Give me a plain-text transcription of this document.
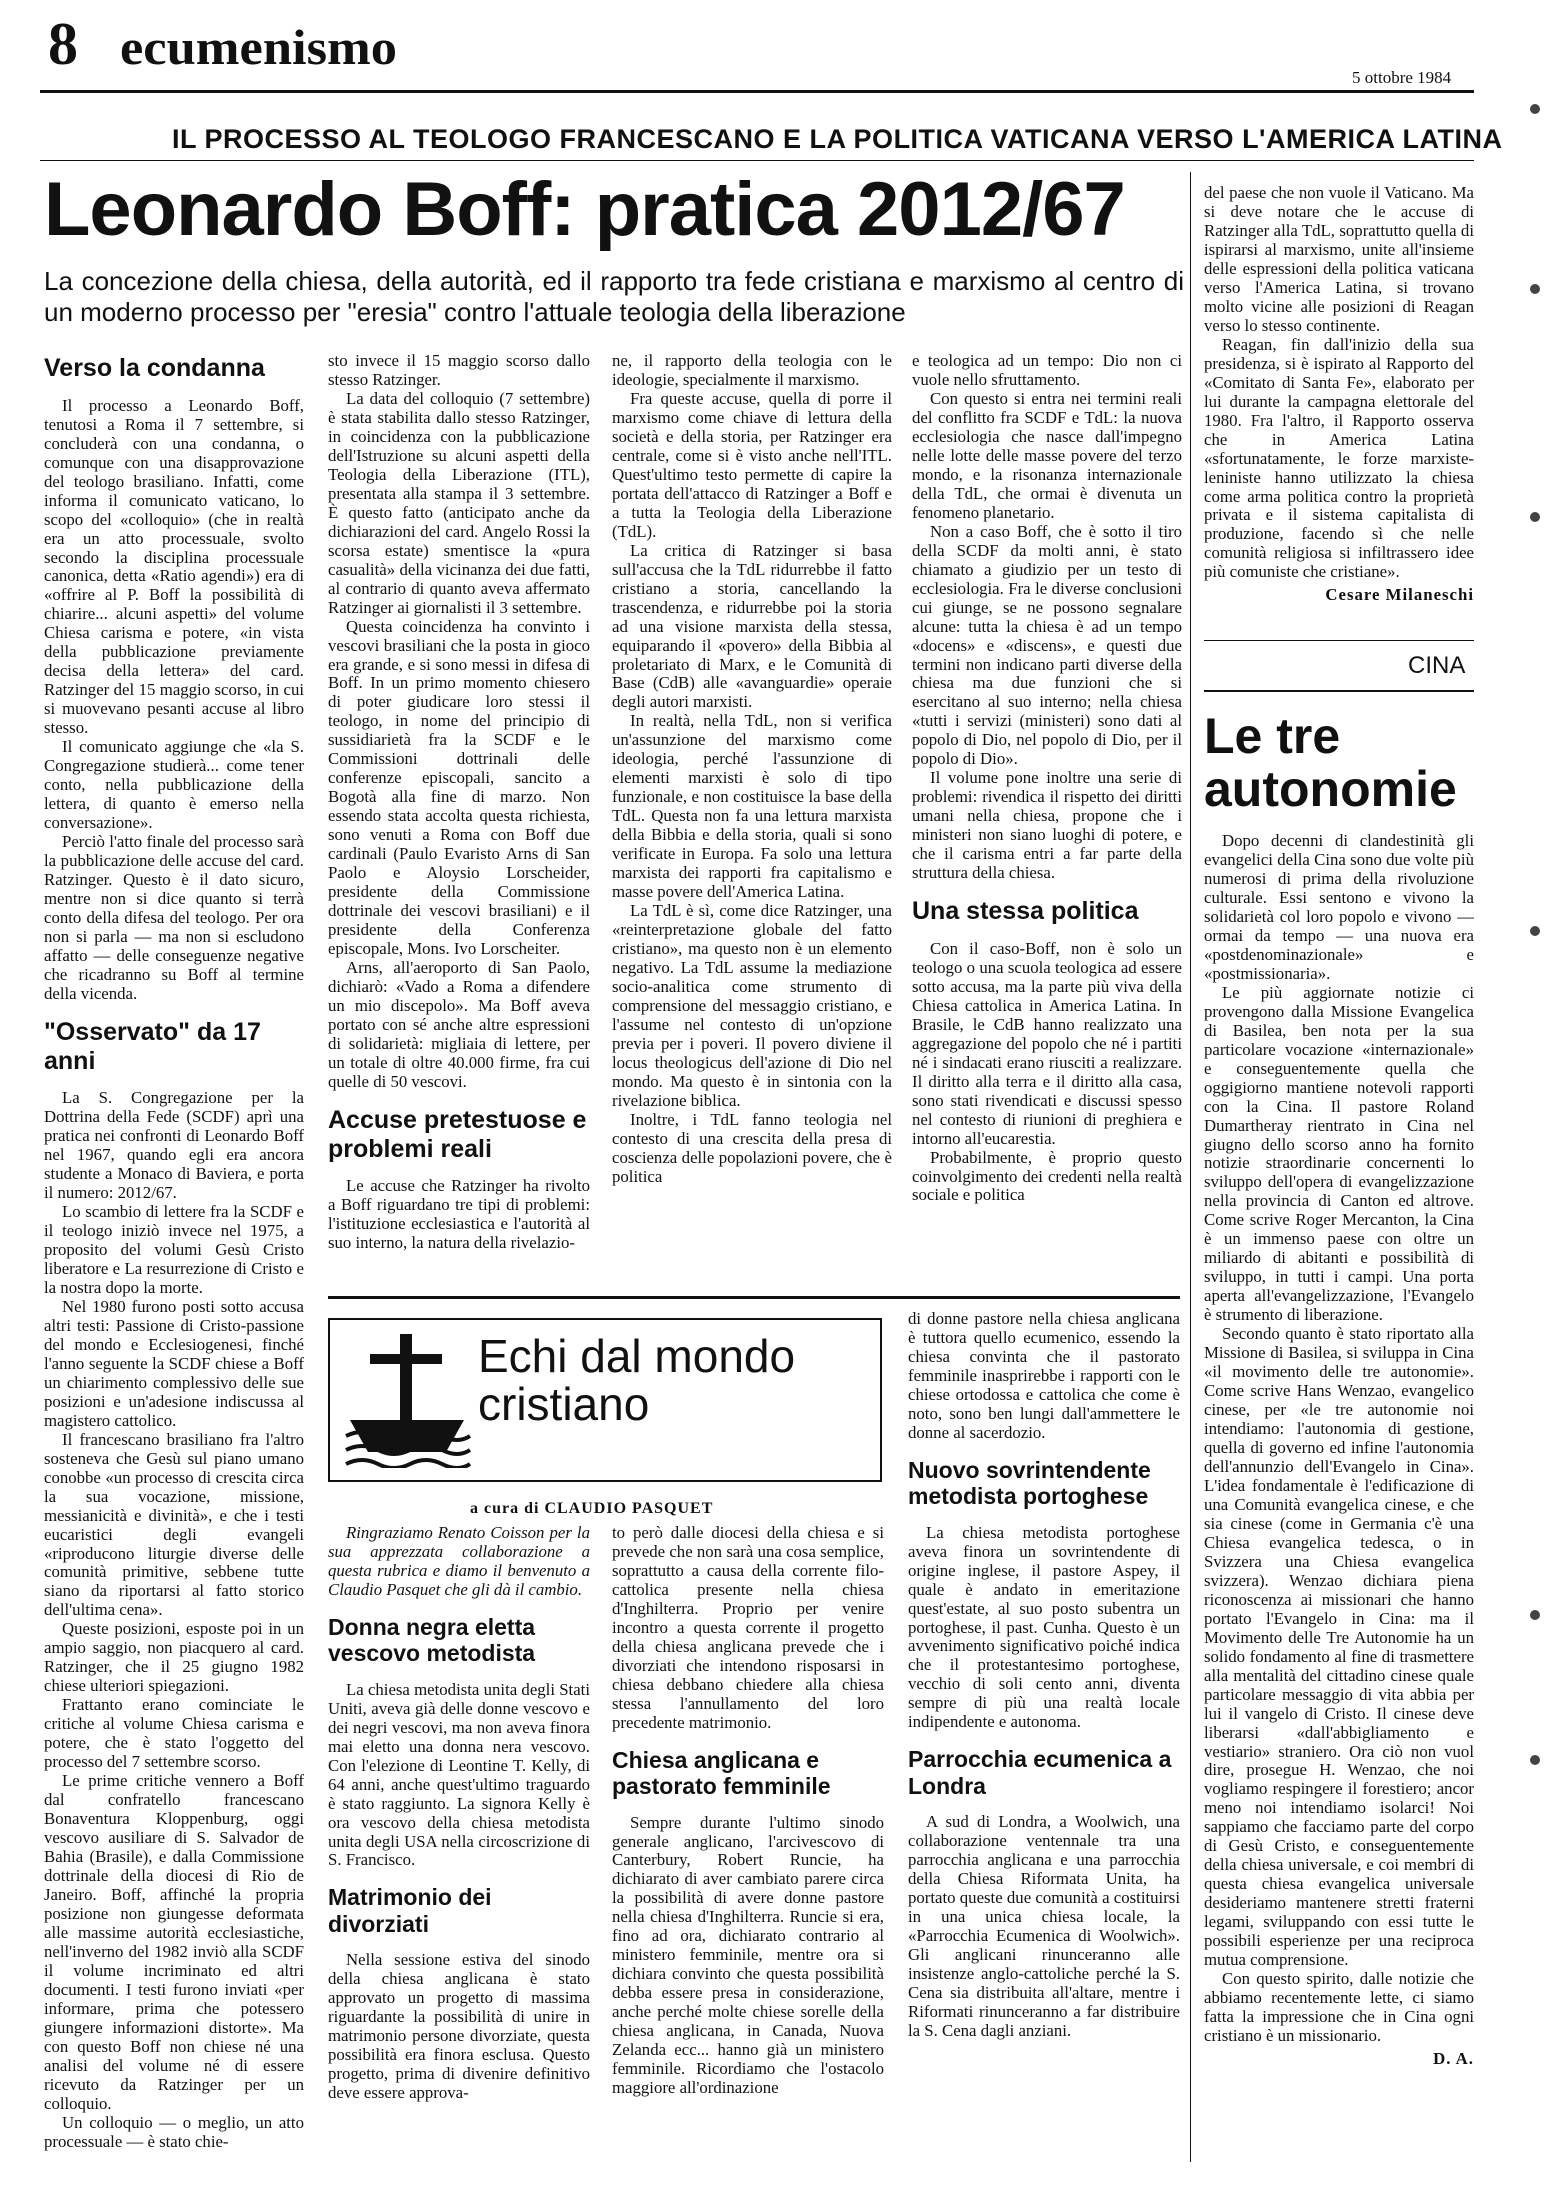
8 ecumenismo
5 ottobre 1984
IL PROCESSO AL TEOLOGO FRANCESCANO E LA POLITICA VATICANA VERSO L'AMERICA LATINA
Leonardo Boff: pratica 2012/67
La concezione della chiesa, della autorità, ed il rapporto tra fede cristiana e marxismo al centro di un moderno processo per "eresia" contro l'attuale teologia della liberazione
Verso la condanna

Il processo a Leonardo Boff, tenutosi a Roma il 7 settembre, si concluderà con una condanna, o comunque con una disapprovazione del teologo brasiliano. Infatti, come informa il comunicato vaticano, lo scopo del «colloquio» (che in realtà era un atto processuale, svolto secondo la disciplina processuale canonica, detta «Ratio agendi») era di «offrire al P. Boff la possibilità di chiarire... alcuni aspetti» del volume Chiesa carisma e potere, «in vista della pubblicazione previamente decisa della lettera» del card. Ratzinger del 15 maggio scorso, in cui si muovevano pesanti accuse al libro stesso.

Il comunicato aggiunge che «la S. Congregazione studierà... come tener conto, nella pubblicazione della lettera, di quanto è emerso nella conversazione».

Perciò l'atto finale del processo sarà la pubblicazione delle accuse del card. Ratzinger. Questo è il dato sicuro, mentre non si dice quanto si terrà conto della difesa del teologo. Per ora non si parla — ma non si escludono affatto — delle conseguenze negative che ricadranno su Boff al termine della vicenda.

"Osservato" da 17 anni

La S. Congregazione per la Dottrina della Fede (SCDF) aprì una pratica nei confronti di Leonardo Boff nel 1967, quando egli era ancora studente a Monaco di Baviera, e porta il numero: 2012/67.

Lo scambio di lettere fra la SCDF e il teologo iniziò invece nel 1975, a proposito del volumi Gesù Cristo liberatore e La resurrezione di Cristo e la nostra dopo la morte.

Nel 1980 furono posti sotto accusa altri testi: Passione di Cristo-passione del mondo e Ecclesiogenesi, finché l'anno seguente la SCDF chiese a Boff un chiarimento complessivo delle sue posizioni e un'adesione indiscussa al magistero cattolico.

Il francescano brasiliano fra l'altro sosteneva che Gesù sul piano umano conobbe «un processo di crescita circa la sua vocazione, missione, messianicità e divinità», e che i testi eucaristici degli evangeli «riproducono liturgie diverse delle comunità primitive, sebbene tutte siano da riportarsi al fatto storico dell'ultima cena».

Queste posizioni, esposte poi in un ampio saggio, non piacquero al card. Ratzinger, che il 25 giugno 1982 chiese ulteriori spiegazioni.

Frattanto erano cominciate le critiche al volume Chiesa carisma e potere, che è stato l'oggetto del processo del 7 settembre scorso.

Le prime critiche vennero a Boff dal confratello francescano Bonaventura Kloppenburg, oggi vescovo ausiliare di S. Salvador de Bahia (Brasile), e dalla Commissione dottrinale della diocesi di Rio de Janeiro. Boff, affinché la propria posizione non giungesse deformata alle massime autorità ecclesiastiche, nell'inverno del 1982 inviò alla SCDF il volume incriminato ed altri documenti. I testi furono inviati «per informare, prima che potessero giungere informazioni distorte». Ma con questo Boff non chiese né una analisi del volume né di essere ricevuto da Ratzinger per un colloquio.

Un colloquio — o meglio, un atto processuale — è stato chie-

sto invece il 15 maggio scorso dallo stesso Ratzinger.

La data del colloquio (7 settembre) è stata stabilita dallo stesso Ratzinger, in coincidenza con la pubblicazione dell'Istruzione su alcuni aspetti della Teologia della Liberazione (ITL), presentata alla stampa il 3 settembre. È questo fatto (anticipato anche da dichiarazioni del card. Angelo Rossi la scorsa estate) smentisce la «pura casualità» della vicinanza dei due fatti, al contrario di quanto aveva affermato Ratzinger ai giornalisti il 3 settembre.

Questa coincidenza ha convinto i vescovi brasiliani che la posta in gioco era grande, e si sono messi in difesa di Boff. In un primo momento chiesero di poter giudicare loro stessi il teologo, in nome del principio di sussidiarietà fra la SCDF e le Commissioni dottrinali delle conferenze episcopali, sancito a Bogotà alla fine di marzo. Non essendo stata accolta questa richiesta, sono venuti a Roma con Boff due cardinali (Paulo Evaristo Arns di San Paolo e Aloysio Lorscheider, presidente della Commissione dottrinale dei vescovi brasiliani) e il presidente della Conferenza episcopale, Mons. Ivo Lorscheiter.

Arns, all'aeroporto di San Paolo, dichiarò: «Vado a Roma a difendere un mio discepolo». Ma Boff aveva portato con sé anche altre espressioni di solidarietà: migliaia di lettere, per un totale di oltre 40.000 firme, fra cui quelle di 50 vescovi.

Accuse pretestuose e problemi reali

Le accuse che Ratzinger ha rivolto a Boff riguardano tre tipi di problemi: l'istituzione ecclesiastica e l'autorità al suo interno, la natura della rivelazio-

ne, il rapporto della teologia con le ideologie, specialmente il marxismo.

Fra queste accuse, quella di porre il marxismo come chiave di lettura della società e della storia, per Ratzinger era centrale, come si è visto anche nell'ITL. Quest'ultimo testo permette di capire la portata dell'attacco di Ratzinger a Boff e a tutta la Teologia della Liberazione (TdL).

La critica di Ratzinger si basa sull'accusa che la TdL ridurrebbe il fatto cristiano a storia, cancellando la trascendenza, e ridurrebbe poi la storia ad una visione marxista della stessa, equiparando il «povero» della Bibbia al proletariato di Marx, e le Comunità di Base (CdB) alle «avanguardie» operaie degli autori marxisti.

In realtà, nella TdL, non si verifica un'assunzione del marxismo come ideologia, perché l'assunzione di elementi marxisti è solo di tipo funzionale, e non costituisce la base della TdL. Questa non fa una lettura marxista della Bibbia e della storia, quali si sono verificate in Europa. Fa solo una lettura marxista dei rapporti fra capitalismo e masse povere dell'America Latina.

La TdL è sì, come dice Ratzinger, una «reinterpretazione globale del fatto cristiano», ma questo non è un elemento negativo. La TdL assume la mediazione socio-analitica come strumento di comprensione del messaggio cristiano, e l'assume nel contesto di un'opzione previa per i poveri. Il povero diviene il locus theologicus dell'azione di Dio nel mondo. Ma questo è in sintonia con la rivelazione biblica.

Inoltre, i TdL fanno teologia nel contesto di una crescita della presa di coscienza delle popolazioni povere, che è politica

e teologica ad un tempo: Dio non ci vuole nello sfruttamento.

Con questo si entra nei termini reali del conflitto fra SCDF e TdL: la nuova ecclesiologia che nasce dall'impegno nelle lotte delle masse povere del terzo mondo, e la risonanza internazionale della TdL, che ormai è divenuta un fenomeno planetario.

Non a caso Boff, che è sotto il tiro della SCDF da molti anni, è stato chiamato a giudizio per un testo di ecclesiologia. Fra le diverse conclusioni cui giunge, se ne possono segnalare alcune: tutta la chiesa è ad un tempo «docens» e «discens», e questi due termini non indicano parti diverse della chiesa ma due funzioni che si esercitano al suo interno; nella chiesa «tutti i servizi (ministeri) sono dati al popolo di Dio, nel popolo di Dio, per il popolo di Dio».

Il volume pone inoltre una serie di problemi: rivendica il rispetto dei diritti umani nella chiesa, propone che i ministeri non siano luoghi di potere, e che il carisma entri a far parte della struttura della chiesa.

Una stessa politica

Con il caso-Boff, non è solo un teologo o una scuola teologica ad essere sotto accusa, ma la parte più viva della Chiesa cattolica in America Latina. In Brasile, le CdB hanno realizzato una aggregazione del popolo che né i partiti né i sindacati erano riusciti a realizzare. Il diritto alla terra e il diritto alla casa, sono stati rivendicati e discussi spesso nel contesto di riunioni di preghiera e intorno all'eucarestia.

Probabilmente, è proprio questo coinvolgimento dei credenti nella realtà sociale e politica

del paese che non vuole il Vaticano. Ma si deve notare che le accuse di Ratzinger alla TdL, soprattutto quella di ispirarsi al marxismo, unite all'insieme delle espressioni della politica vaticana verso l'America Latina, si trovano molto vicine alle posizioni di Reagan verso lo stesso continente.

Reagan, fin dall'inizio della sua presidenza, si è ispirato al Rapporto del «Comitato di Santa Fe», elaborato per lui durante la campagna elettorale del 1980. Fra l'altro, il Rapporto osserva che in America Latina «sfortunatamente, le forze marxiste-leniniste hanno utilizzato la chiesa come arma politica contro la proprietà privata e il sistema capitalista di produzione, facendo sì che nelle comunità religiosa si infiltrassero idee più comuniste che cristiane».

Cesare Milaneschi
CINA
Le tre
autonomie

Dopo decenni di clandestinità gli evangelici della Cina sono due volte più numerosi di prima della rivoluzione culturale. Essi sentono e vivono la solidarietà col loro popolo e vivono — ormai da tempo — una nuova era «postdenominazionale» e «postmissionaria».

Le più aggiornate notizie ci provengono dalla Missione Evangelica di Basilea, ben nota per la sua particolare vocazione «internazionale» e conseguentemente quella che oggigiorno mantiene notevoli rapporti con la Cina. Il pastore Roland Dumartheray rientrato in Cina nel giugno dello scorso anno ha fornito notizie straordinarie concernenti lo sviluppo dell'opera di evangelizzazione nella provincia di Canton ed altrove. Come scrive Roger Mercanton, la Cina è un immenso paese con oltre un miliardo di abitanti e possibilità di sviluppo, in tutti i campi. Una porta aperta all'evangelizzazione, l'Evangelo è strumento di liberazione.

Secondo quanto è stato riportato alla Missione di Basilea, si sviluppa in Cina «il movimento delle tre autonomie». Come scrive Hans Wenzao, evangelico cinese, per «le tre autonomie noi intendiamo: l'autonomia di gestione, quella di governo ed infine l'autonomia dell'annunzio dell'Evangelo in Cina». L'idea fondamentale è l'edificazione di una Comunità evangelica cinese, e che sia cinese (come in Germania c'è una Chiesa evangelica tedesca, o in Svizzera una Chiesa evangelica svizzera). Wenzao dichiara piena riconoscenza ai missionari che hanno portato l'Evangelo in Cina: ma il Movimento delle Tre Autonomie ha un solido fondamento al fine di trasmettere alla mentalità del cittadino cinese quale particolare messaggio di vita abbia per lui il vangelo di Cristo. Il cinese deve liberarsi «dall'abbigliamento e vestiario» straniero. Ora ciò non vuol dire, prosegue H. Wenzao, che noi vogliamo respingere il forestiero; ancor meno noi intendiamo isolarci! Noi sappiamo che facciamo parte del corpo di Gesù Cristo, e conseguentemente della chiesa universale, e coi membri di questa chiesa evangelica universale desideriamo mantenere stretti fraterni legami, sviluppando con essi tutte le possibili esperienze per una reciproca mutua comprensione.

Con questo spirito, dalle notizie che abbiamo recentemente lette, ci siamo fatta la impressione che in Cina ogni cristiano è un missionario.

D. A.
Echi dal mondo
cristiano
a cura di CLAUDIO PASQUET

Ringraziamo Renato Coisson per la sua apprezzata collaborazione a questa rubrica e diamo il benvenuto a Claudio Pasquet che gli dà il cambio.

Donna negra eletta vescovo metodista

La chiesa metodista unita degli Stati Uniti, aveva già delle donne vescovo e dei negri vescovi, ma non aveva finora mai eletto una donna nera vescovo. Con l'elezione di Leontine T. Kelly, di 64 anni, anche quest'ultimo traguardo è stato raggiunto. La signora Kelly è ora vescovo della chiesa metodista unita degli USA nella circoscrizione di S. Francisco.

Matrimonio dei divorziati

Nella sessione estiva del sinodo della chiesa anglicana è stato approvato un progetto di massima riguardante la possibilità di unire in matrimonio persone divorziate, questa possibilità era finora esclusa. Questo progetto, prima di divenire definitivo deve essere approva-

to però dalle diocesi della chiesa e si prevede che non sarà una cosa semplice, soprattutto a causa della corrente filo-cattolica presente nella chiesa d'Inghilterra. Proprio per venire incontro a questa corrente il progetto della chiesa anglicana prevede che i divorziati che intendono risposarsi in chiesa debbano chiedere alla chiesa stessa l'annullamento del loro precedente matrimonio.

Chiesa anglicana e pastorato femminile

Sempre durante l'ultimo sinodo generale anglicano, l'arcivescovo di Canterbury, Robert Runcie, ha dichiarato di aver cambiato parere circa la possibilità di avere donne pastore nella chiesa d'Inghilterra. Runcie si era, fino ad ora, dichiarato contrario al ministero femminile, mentre ora si dichiara convinto che questa possibilità debba essere presa in considerazione, anche perché molte chiese sorelle della chiesa anglicana, in Canada, Nuova Zelanda ecc... hanno già un ministero femminile. Ricordiamo che l'ostacolo maggiore all'ordinazione

di donne pastore nella chiesa anglicana è tuttora quello ecumenico, essendo la chiesa convinta che il pastorato femminile inasprirebbe i rapporti con le chiese ortodossa e cattolica che come è noto, sono ben lungi dall'ammettere le donne al sacerdozio.

Nuovo sovrintendente metodista portoghese

La chiesa metodista portoghese aveva finora un sovrintendente di origine inglese, il pastore Aspey, il quale è andato in emeritazione quest'estate, al suo posto subentra un portoghese, il past. Cunha. Questo è un avvenimento significativo poiché indica che il protestantesimo portoghese, vecchio di soli cento anni, diventa sempre di più una realtà locale indipendente e autonoma.

Parrocchia ecumenica a Londra

A sud di Londra, a Woolwich, una collaborazione ventennale tra una parrocchia anglicana e una parrocchia della Chiesa Riformata Unita, ha portato queste due comunità a costituirsi in una unica chiesa locale, la «Parrocchia Ecumenica di Woolwich». Gli anglicani rinunceranno alle insistenze anglo-cattoliche perché la S. Cena sia distribuita all'altare, mentre i Riformati rinunceranno a far distribuire la S. Cena dagli anziani.
